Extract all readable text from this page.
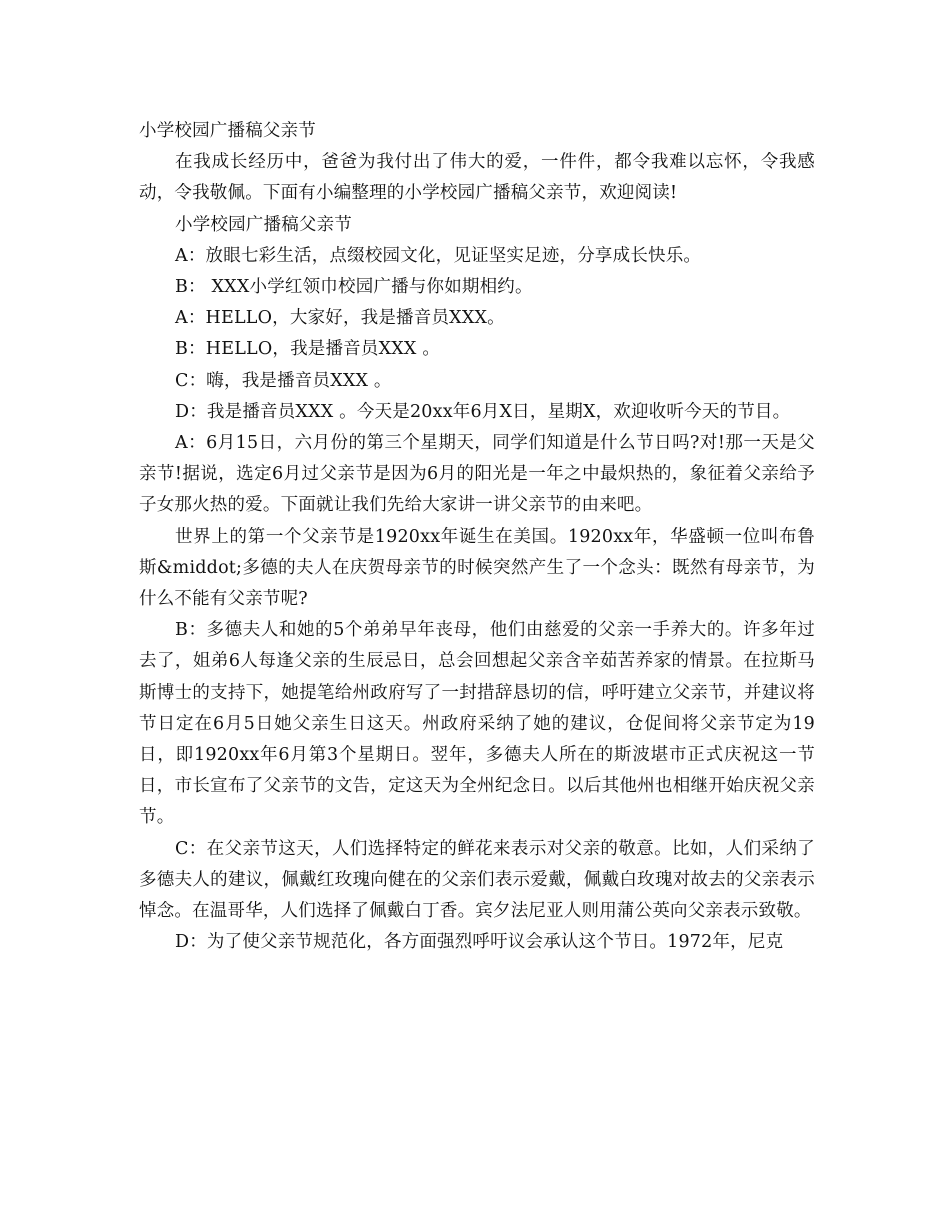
小学校园广播稿父亲节

在我成长经历中，爸爸为我付出了伟大的爱，一件件，都令我难以忘怀，令我感动，令我敬佩。下面有小编整理的小学校园广播稿父亲节，欢迎阅读!

小学校园广播稿父亲节

A：放眼七彩生活，点缀校园文化，见证坚实足迹，分享成长快乐。

B： XXX小学红领巾校园广播与你如期相约。

A：HELLO，大家好，我是播音员XXX。

B：HELLO，我是播音员XXX 。

C：嗨，我是播音员XXX 。

D：我是播音员XXX 。今天是20xx年6月X日，星期X，欢迎收听今天的节目。

A：6月15日，六月份的第三个星期天，同学们知道是什么节日吗?对!那一天是父亲节!据说，选定6月过父亲节是因为6月的阳光是一年之中最炽热的，象征着父亲给予子女那火热的爱。下面就让我们先给大家讲一讲父亲节的由来吧。

世界上的第一个父亲节是1920xx年诞生在美国。1920xx年，华盛顿一位叫布鲁斯&middot;多德的夫人在庆贺母亲节的时候突然产生了一个念头：既然有母亲节，为什么不能有父亲节呢?

B：多德夫人和她的5个弟弟早年丧母，他们由慈爱的父亲一手养大的。许多年过去了，姐弟6人每逢父亲的生辰忌日，总会回想起父亲含辛茹苦养家的情景。在拉斯马斯博士的支持下，她提笔给州政府写了一封措辞恳切的信，呼吁建立父亲节，并建议将节日定在6月5日她父亲生日这天。州政府采纳了她的建议，仓促间将父亲节定为19日，即1920xx年6月第3个星期日。翌年，多德夫人所在的斯波堪市正式庆祝这一节日，市长宣布了父亲节的文告，定这天为全州纪念日。以后其他州也相继开始庆祝父亲节。

C：在父亲节这天，人们选择特定的鲜花来表示对父亲的敬意。比如，人们采纳了多德夫人的建议，佩戴红玫瑰向健在的父亲们表示爱戴，佩戴白玫瑰对故去的父亲表示悼念。在温哥华，人们选择了佩戴白丁香。宾夕法尼亚人则用蒲公英向父亲表示致敬。

D：为了使父亲节规范化，各方面强烈呼吁议会承认这个节日。1972年，尼克
